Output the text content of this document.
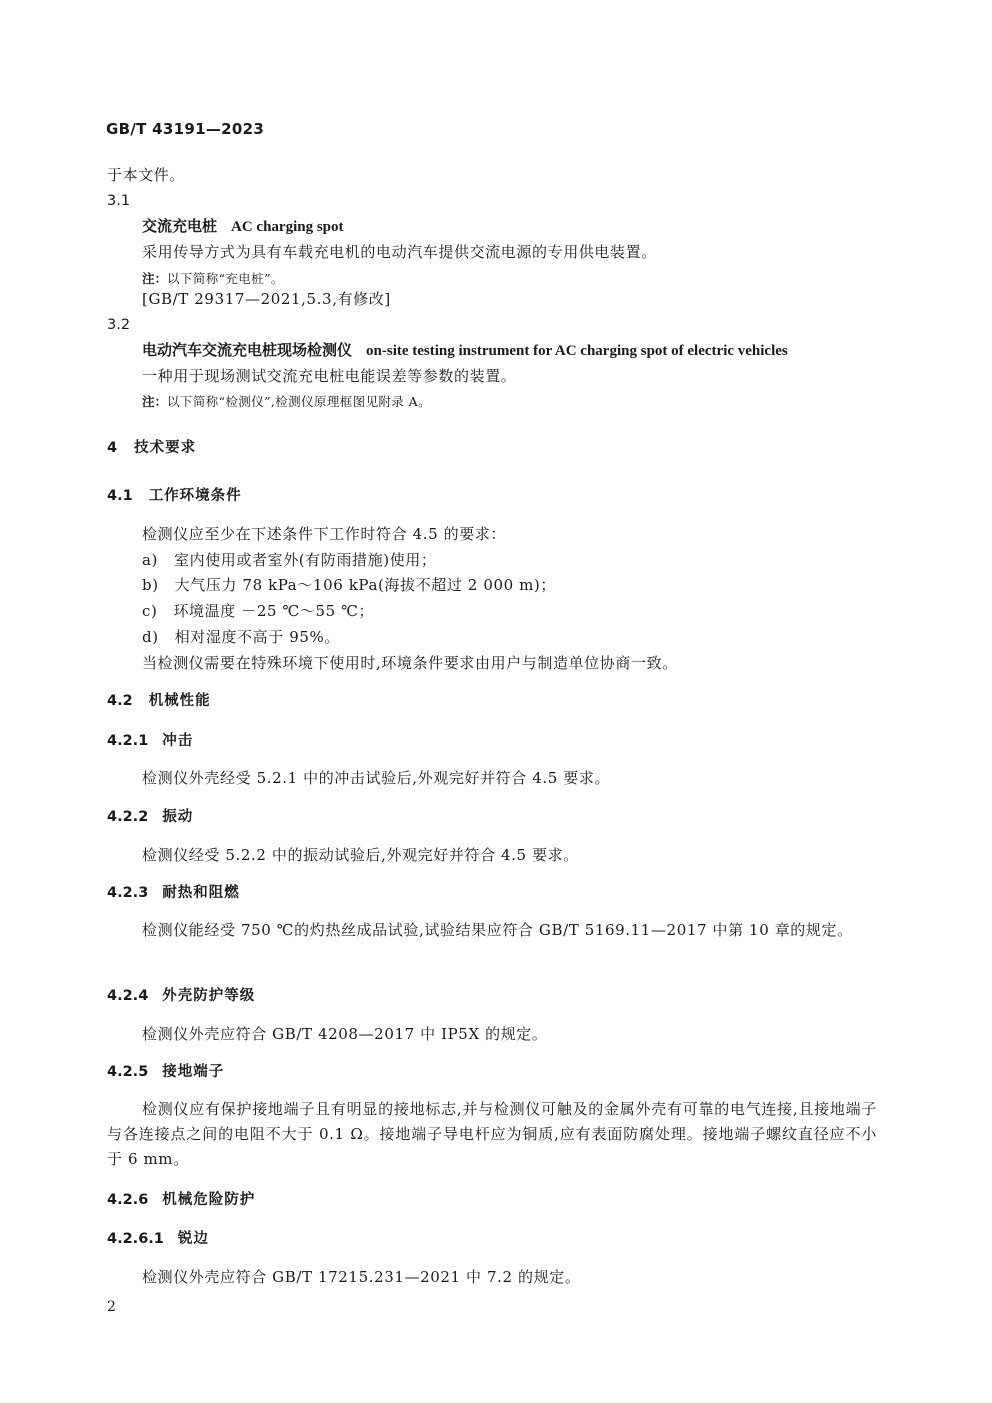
GB/T 43191—2023
于本文件。
3.1
交流充电桩 AC charging spot
采用传导方式为具有车载充电机的电动汽车提供交流电源的专用供电装置。
注：以下简称“充电桩”。
[GB/T 29317—2021,5.3,有修改]
3.2
电动汽车交流充电桩现场检测仪 on-site testing instrument for AC charging spot of electric vehicles
一种用于现场测试交流充电桩电能误差等参数的装置。
注：以下简称“检测仪”,检测仪原理框图见附录 A。
4 技术要求
4.1 工作环境条件
检测仪应至少在下述条件下工作时符合 4.5 的要求：
a) 室内使用或者室外(有防雨措施)使用；
b) 大气压力 78 kPa～106 kPa(海拔不超过 2 000 m)；
c) 环境温度 －25 ℃～55 ℃；
d) 相对湿度不高于 95%。
当检测仪需要在特殊环境下使用时,环境条件要求由用户与制造单位协商一致。
4.2 机械性能
4.2.1 冲击
检测仪外壳经受 5.2.1 中的冲击试验后,外观完好并符合 4.5 要求。
4.2.2 振动
检测仪经受 5.2.2 中的振动试验后,外观完好并符合 4.5 要求。
4.2.3 耐热和阻燃
检测仪能经受 750 ℃的灼热丝成品试验,试验结果应符合 GB/T 5169.11—2017 中第 10 章的规定。
4.2.4 外壳防护等级
检测仪外壳应符合 GB/T 4208—2017 中 IP5X 的规定。
4.2.5 接地端子
检测仪应有保护接地端子且有明显的接地标志,并与检测仪可触及的金属外壳有可靠的电气连接,且接地端子与各连接点之间的电阻不大于 0.1 Ω。接地端子导电杆应为铜质,应有表面防腐处理。接地端子螺纹直径应不小于 6 mm。
4.2.6 机械危险防护
4.2.6.1 锐边
检测仪外壳应符合 GB/T 17215.231—2021 中 7.2 的规定。
2
